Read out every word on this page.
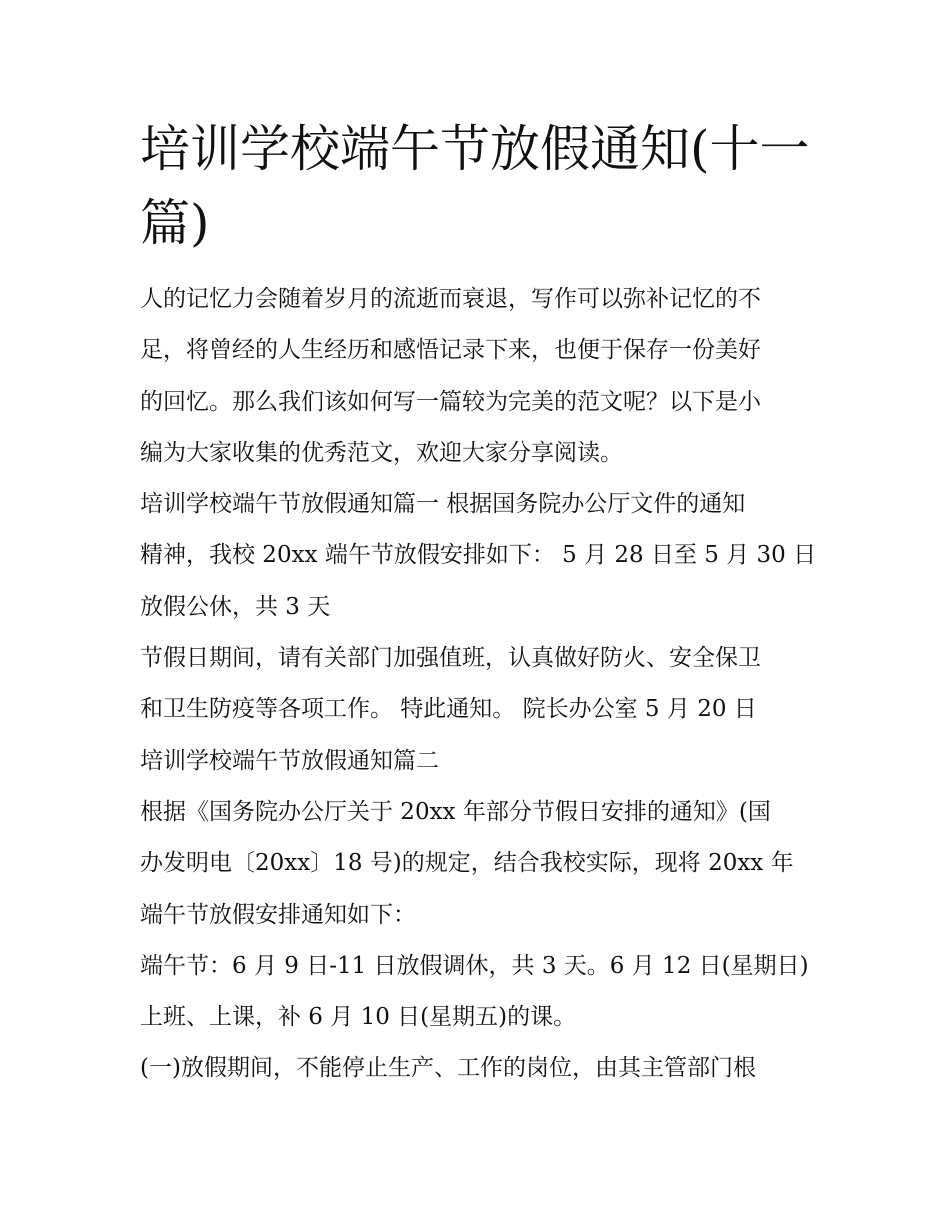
培训学校端午节放假通知(十一
篇)
人的记忆力会随着岁月的流逝而衰退，写作可以弥补记忆的不
足，将曾经的人生经历和感悟记录下来，也便于保存一份美好
的回忆。那么我们该如何写一篇较为完美的范文呢？以下是小
编为大家收集的优秀范文，欢迎大家分享阅读。
培训学校端午节放假通知篇一 根据国务院办公厅文件的通知
精神，我校 20xx 端午节放假安排如下： 5 月 28 日至 5 月 30 日
放假公休，共 3 天
节假日期间，请有关部门加强值班，认真做好防火、安全保卫
和卫生防疫等各项工作。 特此通知。 院长办公室 5 月 20 日
培训学校端午节放假通知篇二
根据《国务院办公厅关于 20xx 年部分节假日安排的通知》(国
办发明电〔20xx〕18 号)的规定，结合我校实际，现将 20xx 年
端午节放假安排通知如下：
端午节：6 月 9 日-11 日放假调休，共 3 天。6 月 12 日(星期日)
上班、上课，补 6 月 10 日(星期五)的课。
(一)放假期间，不能停止生产、工作的岗位，由其主管部门根
